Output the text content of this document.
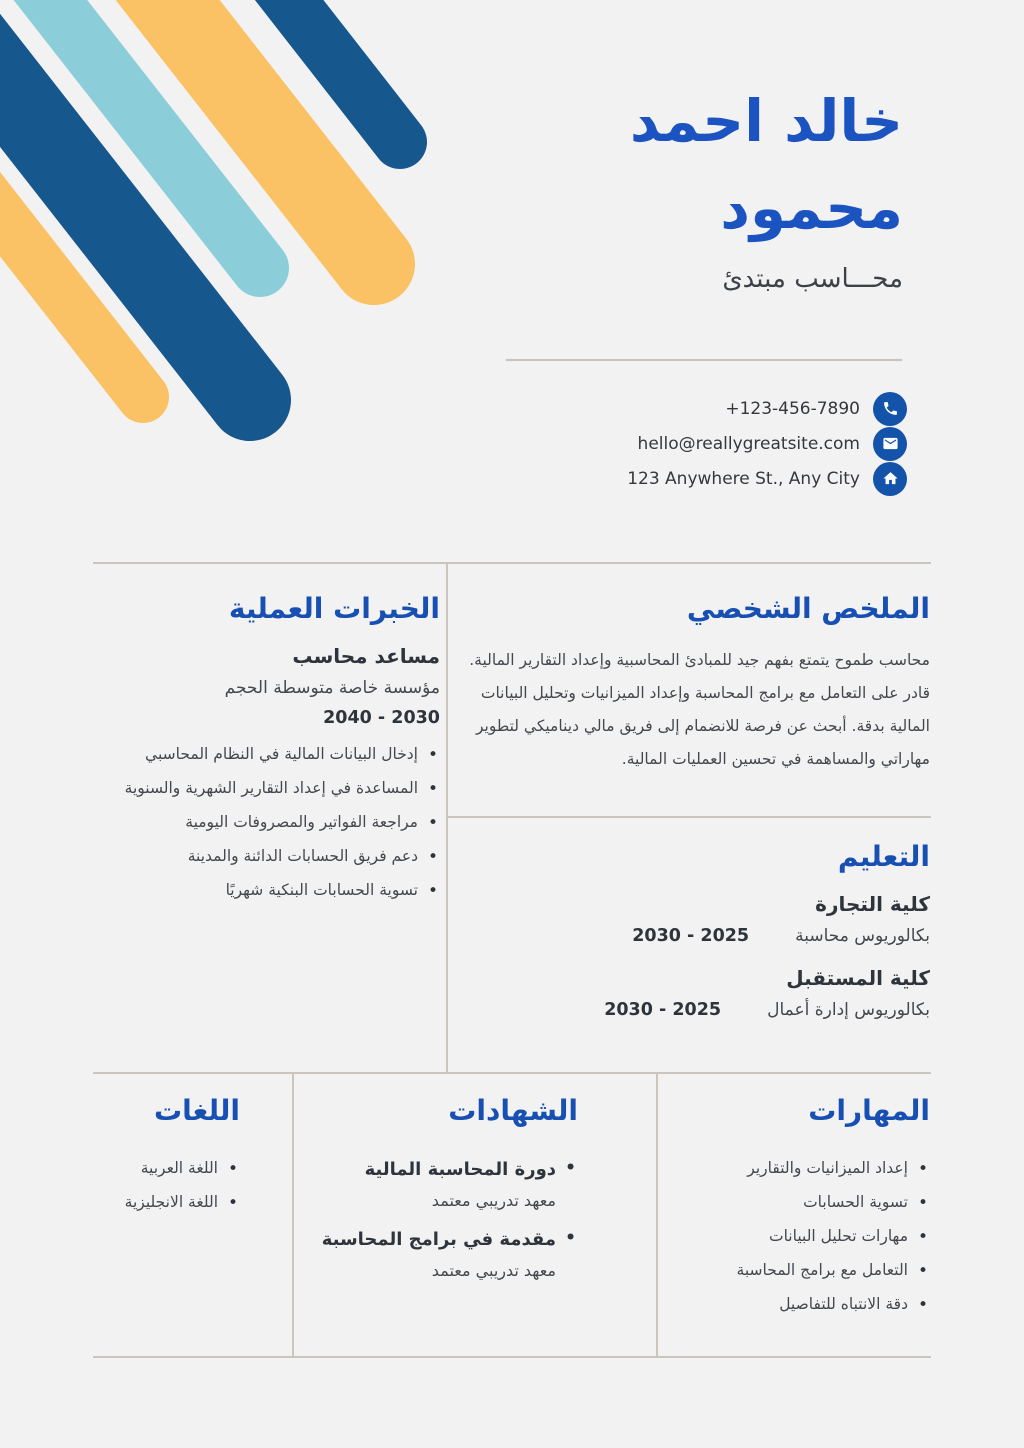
خالد احمد
محمود
محـــاسب مبتدئ
+123-456-7890
hello@reallygreatsite.com
123 Anywhere St., Any City
الخبرات العملية
مساعد محاسب
مؤسسة خاصة متوسطة الحجم
2030 - 2040
• إدخال البيانات المالية في النظام المحاسبي
• المساعدة في إعداد التقارير الشهرية والسنوية
• مراجعة الفواتير والمصروفات اليومية
• دعم فريق الحسابات الدائنة والمدينة
• تسوية الحسابات البنكية شهريًا
الملخص الشخصي

محاسب طموح يتمتع بفهم جيد للمبادئ المحاسبية وإعداد التقارير المالية. قادر على التعامل مع برامج المحاسبة وإعداد الميزانيات وتحليل البيانات المالية بدقة. أبحث عن فرصة للانضمام إلى فريق مالي ديناميكي لتطوير مهاراتي والمساهمة في تحسين العمليات المالية.

التعليم
كلية التجارة
بكالوريوس محاسبة
2025 - 2030
كلية المستقبل
بكالوريوس إدارة أعمال
2025 - 2030
المهارات
• إعداد الميزانيات والتقارير
• تسوية الحسابات
• مهارات تحليل البيانات
• التعامل مع برامج المحاسبة
• دقة الانتباه للتفاصيل
الشهادات
• دورة المحاسبة المالية
معهد تدريبي معتمد
• مقدمة في برامج المحاسبة
معهد تدريبي معتمد
اللغات
• اللغة العربية
• اللغة الانجليزية
